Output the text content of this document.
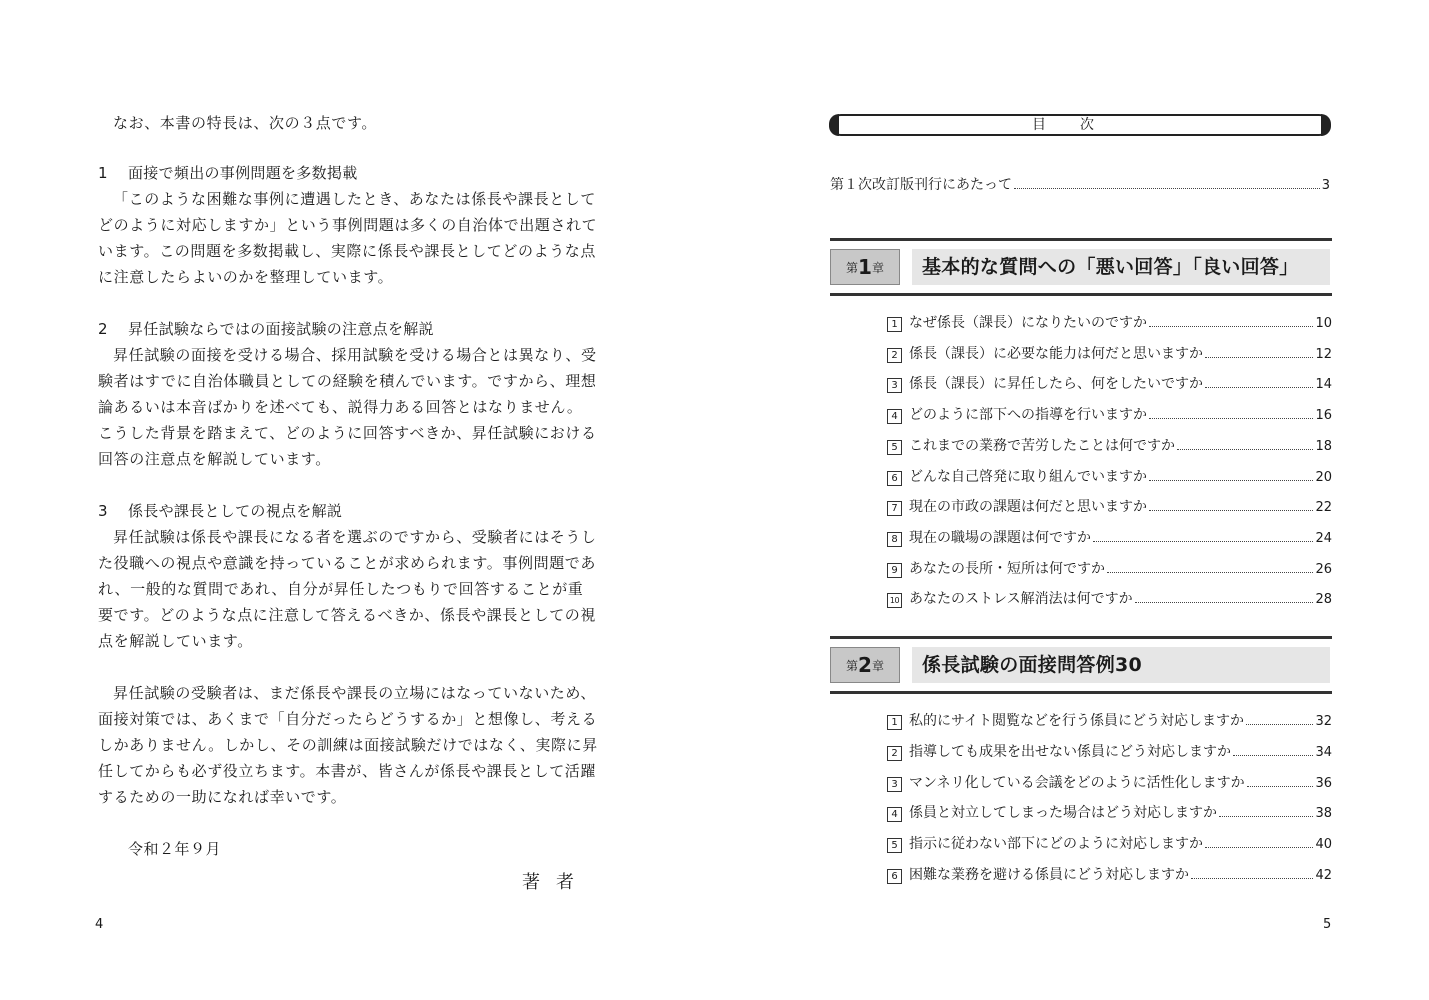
なお、本書の特長は、次の３点です。

1 面接で頻出の事例問題を多数掲載

「このような困難な事例に遭遇したとき、あなたは係長や課長としてどのように対応しますか」という事例問題は多くの自治体で出題されています。この問題を多数掲載し、実際に係長や課長としてどのような点に注意したらよいのかを整理しています。

2 昇任試験ならではの面接試験の注意点を解説

昇任試験の面接を受ける場合、採用試験を受ける場合とは異なり、受験者はすでに自治体職員としての経験を積んでいます。ですから、理想論あるいは本音ばかりを述べても、説得力ある回答とはなりません。こうした背景を踏まえて、どのように回答すべきか、昇任試験における回答の注意点を解説しています。

3 係長や課長としての視点を解説

昇任試験は係長や課長になる者を選ぶのですから、受験者にはそうした役職への視点や意識を持っていることが求められます。事例問題であれ、一般的な質問であれ、自分が昇任したつもりで回答することが重要です。どのような点に注意して答えるべきか、係長や課長としての視点を解説しています。

昇任試験の受験者は、まだ係長や課長の立場にはなっていないため、面接対策では、あくまで「自分だったらどうするか」と想像し、考えるしかありません。しかし、その訓練は面接試験だけではなく、実際に昇任してからも必ず役立ちます。本書が、皆さんが係長や課長として活躍するための一助になれば幸いです。

令和２年９月
著者
4
目次
第１次改訂版刊行にあたって	3
第1章	基本的な質問への「悪い回答」「良い回答」
1 なぜ係長（課長）になりたいのですか	10
2 係長（課長）に必要な能力は何だと思いますか	12
3 係長（課長）に昇任したら、何をしたいですか	14
4 どのように部下への指導を行いますか	16
5 これまでの業務で苦労したことは何ですか	18
6 どんな自己啓発に取り組んでいますか	20
7 現在の市政の課題は何だと思いますか	22
8 現在の職場の課題は何ですか	24
9 あなたの長所・短所は何ですか	26
10 あなたのストレス解消法は何ですか	28
第2章	係長試験の面接問答例30
1 私的にサイト閲覧などを行う係員にどう対応しますか	32
2 指導しても成果を出せない係員にどう対応しますか	34
3 マンネリ化している会議をどのように活性化しますか	36
4 係員と対立してしまった場合はどう対応しますか	38
5 指示に従わない部下にどのように対応しますか	40
6 困難な業務を避ける係員にどう対応しますか	42
5
